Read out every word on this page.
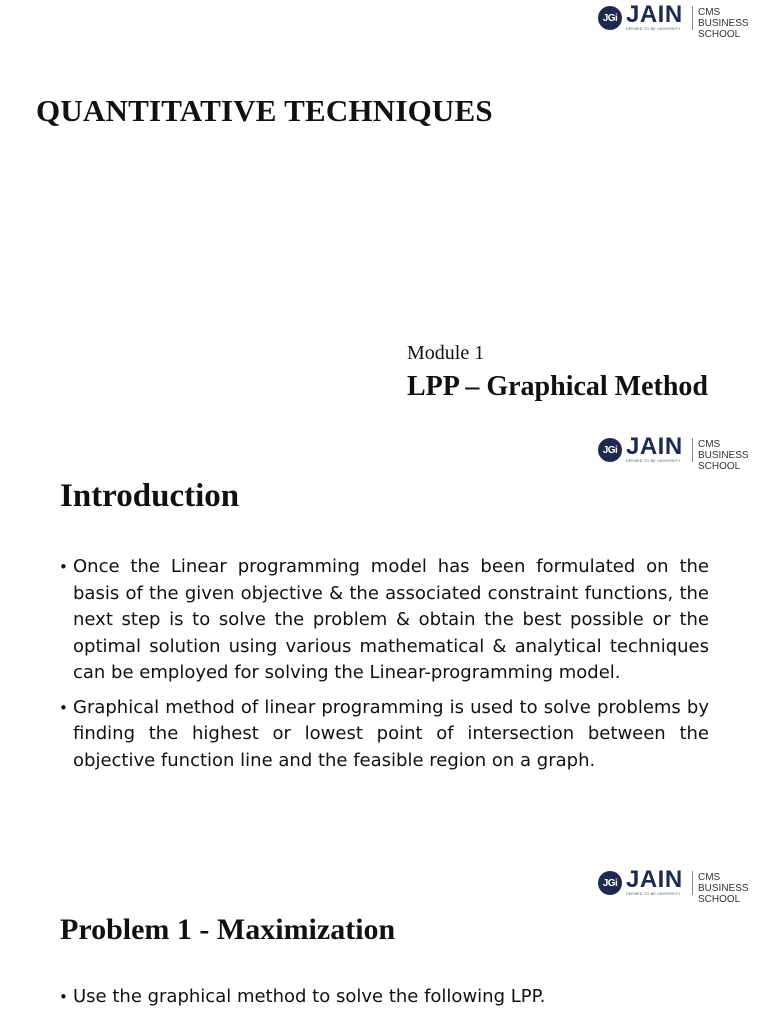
JGi JAIN
DEEMED-TO-BE UNIVERSITY
CMS BUSINESS
SCHOOL
QUANTITATIVE TECHNIQUES
Module 1
LPP – Graphical Method
JGi JAIN
DEEMED-TO-BE UNIVERSITY
CMS BUSINESS
SCHOOL
Introduction
• Once the Linear programming model has been formulated on the basis of the given objective & the associated constraint functions, the next step is to solve the problem & obtain the best possible or the optimal solution using various mathematical & analytical techniques can be employed for solving the Linear-programming model.
• Graphical method of linear programming is used to solve problems by finding the highest or lowest point of intersection between the objective function line and the feasible region on a graph.
JGi JAIN
DEEMED-TO-BE UNIVERSITY
CMS BUSINESS
SCHOOL
Problem 1 - Maximization
• Use the graphical method to solve the following LPP.
